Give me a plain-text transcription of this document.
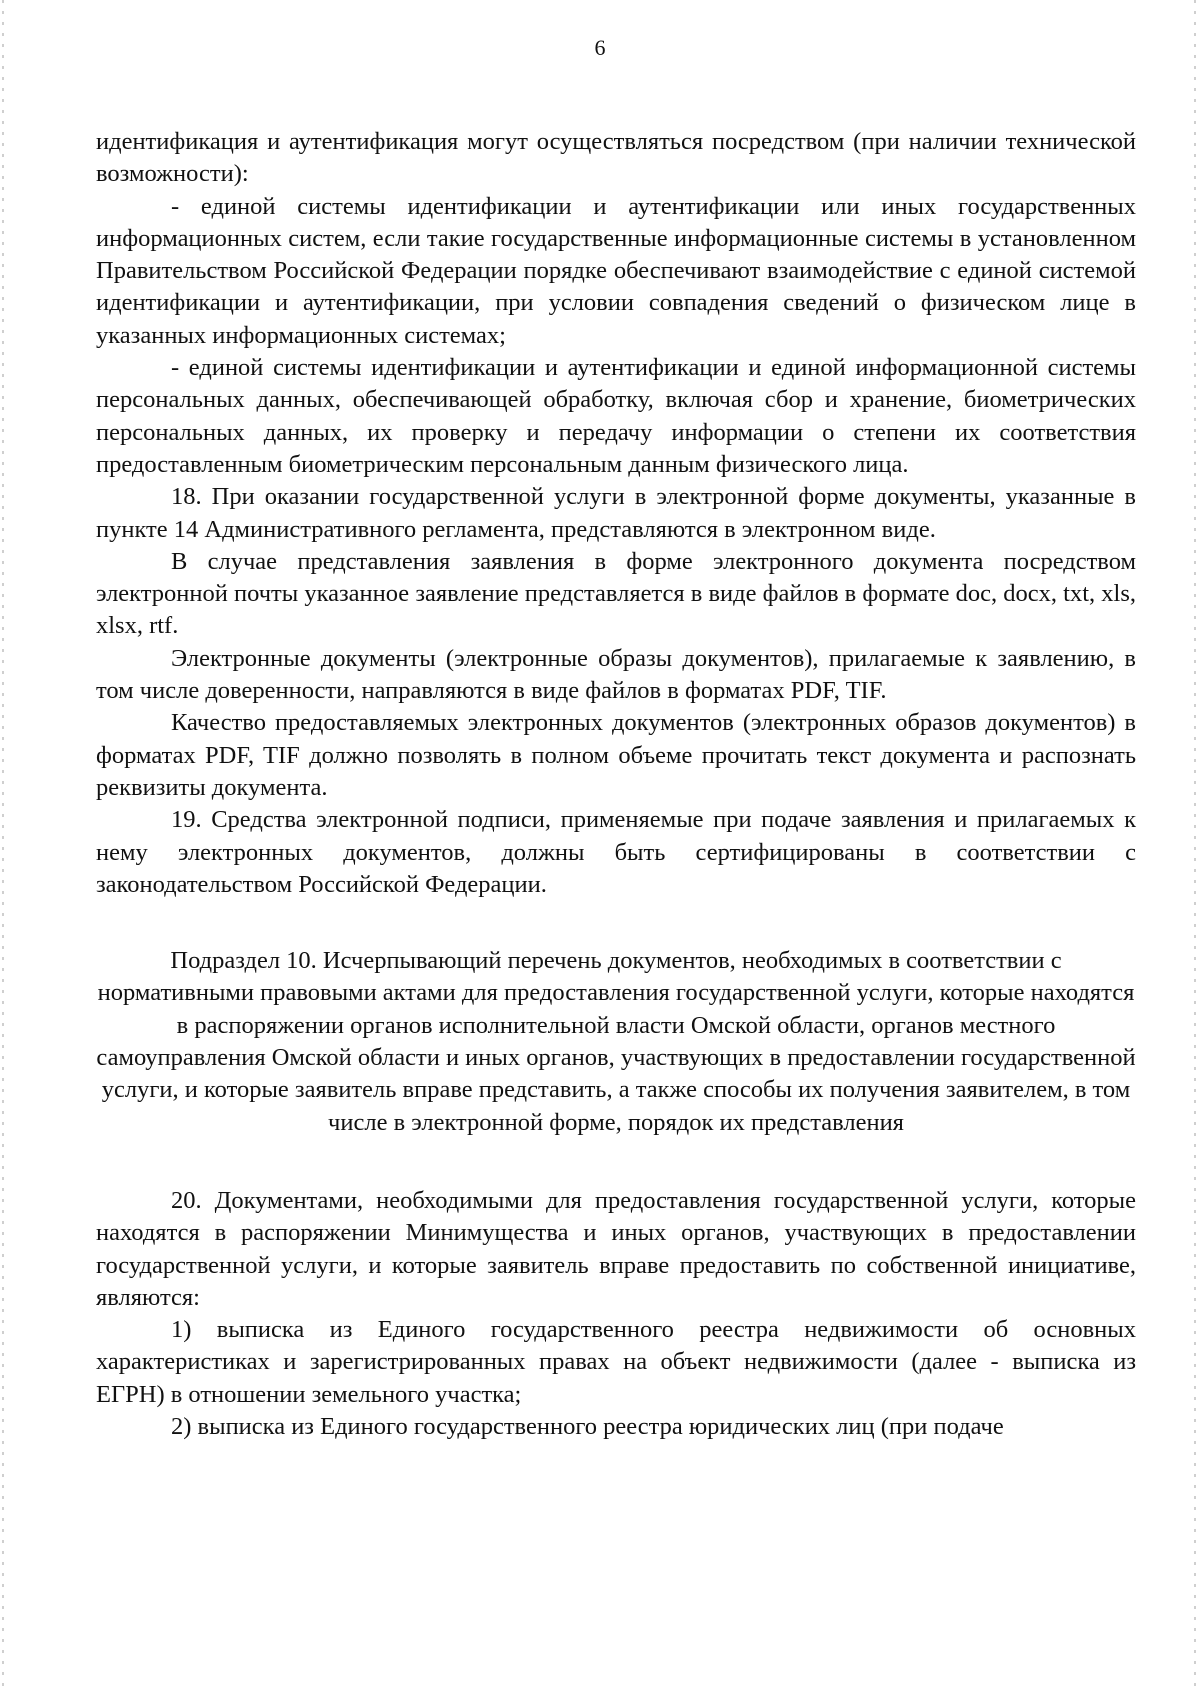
6

идентификация и аутентификация могут осуществляться посредством (при наличии технической возможности):

- единой системы идентификации и аутентификации или иных государственных информационных систем, если такие государственные информационные системы в установленном Правительством Российской Федерации порядке обеспечивают взаимодействие с единой системой идентификации и аутентификации, при условии совпадения сведений о физическом лице в указанных информационных системах;

- единой системы идентификации и аутентификации и единой информационной системы персональных данных, обеспечивающей обработку, включая сбор и хранение, биометрических персональных данных, их проверку и передачу информации о степени их соответствия предоставленным биометрическим персональным данным физического лица.

18. При оказании государственной услуги в электронной форме документы, указанные в пункте 14 Административного регламента, представляются в электронном виде.

В случае представления заявления в форме электронного документа посредством электронной почты указанное заявление представляется в виде файлов в формате doc, docx, txt, xls, xlsx, rtf.

Электронные документы (электронные образы документов), прилагаемые к заявлению, в том числе доверенности, направляются в виде файлов в форматах PDF, TIF.

Качество предоставляемых электронных документов (электронных образов документов) в форматах PDF, TIF должно позволять в полном объеме прочитать текст документа и распознать реквизиты документа.

19. Средства электронной подписи, применяемые при подаче заявления и прилагаемых к нему электронных документов, должны быть сертифицированы в соответствии с законодательством Российской Федерации.

Подраздел 10. Исчерпывающий перечень документов, необходимых в соответствии с нормативными правовыми актами для предоставления государственной услуги, которые находятся в распоряжении органов исполнительной власти Омской области, органов местного самоуправления Омской области и иных органов, участвующих в предоставлении государственной услуги, и которые заявитель вправе представить, а также способы их получения заявителем, в том числе в электронной форме, порядок их представления

20. Документами, необходимыми для предоставления государственной услуги, которые находятся в распоряжении Минимущества и иных органов, участвующих в предоставлении государственной услуги, и которые заявитель вправе предоставить по собственной инициативе, являются:

1) выписка из Единого государственного реестра недвижимости об основных характеристиках и зарегистрированных правах на объект недвижимости (далее - выписка из ЕГРН) в отношении земельного участка;

2) выписка из Единого государственного реестра юридических лиц (при подаче
